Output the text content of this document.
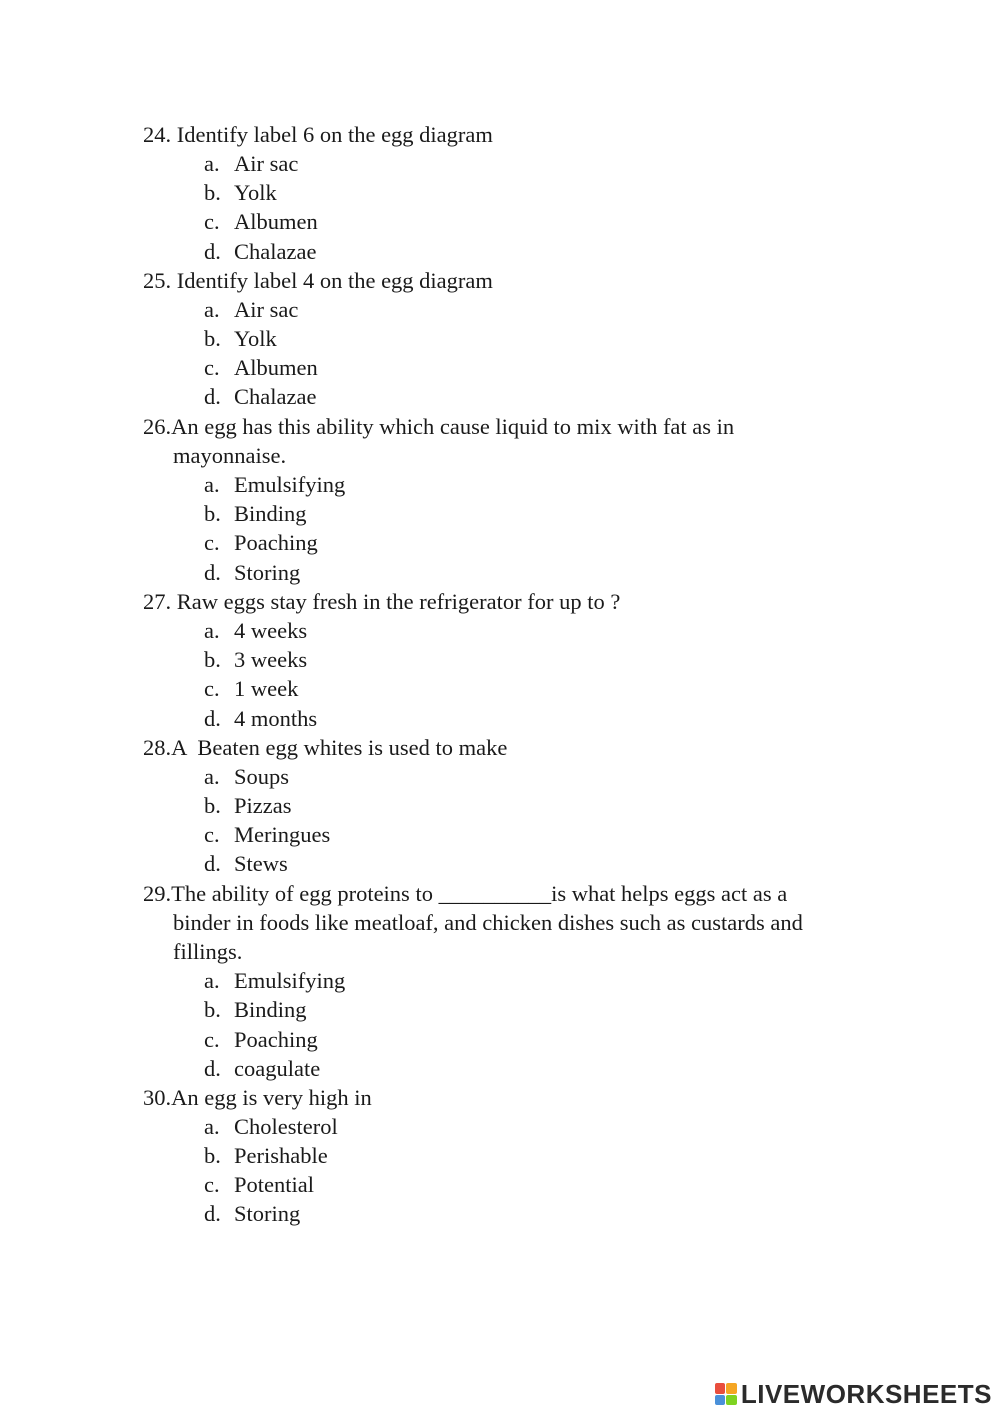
24. Identify label 6 on the egg diagram
a. Air sac
b. Yolk
c. Albumen
d. Chalazae
25. Identify label 4 on the egg diagram
a. Air sac
b. Yolk
c. Albumen
d. Chalazae
26.An egg has this ability which cause liquid to mix with fat as in
mayonnaise.
a. Emulsifying
b. Binding
c. Poaching
d. Storing
27. Raw eggs stay fresh in the refrigerator for up to ?
a. 4 weeks
b. 3 weeks
c. 1 week
d. 4 months
28.A  Beaten egg whites is used to make
a. Soups
b. Pizzas
c. Meringues
d. Stews
29.The ability of egg proteins to __________is what helps eggs act as a
binder in foods like meatloaf, and chicken dishes such as custards and
fillings.
a. Emulsifying
b. Binding
c. Poaching
d. coagulate
30.An egg is very high in
a. Cholesterol
b. Perishable
c. Potential
d. Storing
LIVEWORKSHEETS
